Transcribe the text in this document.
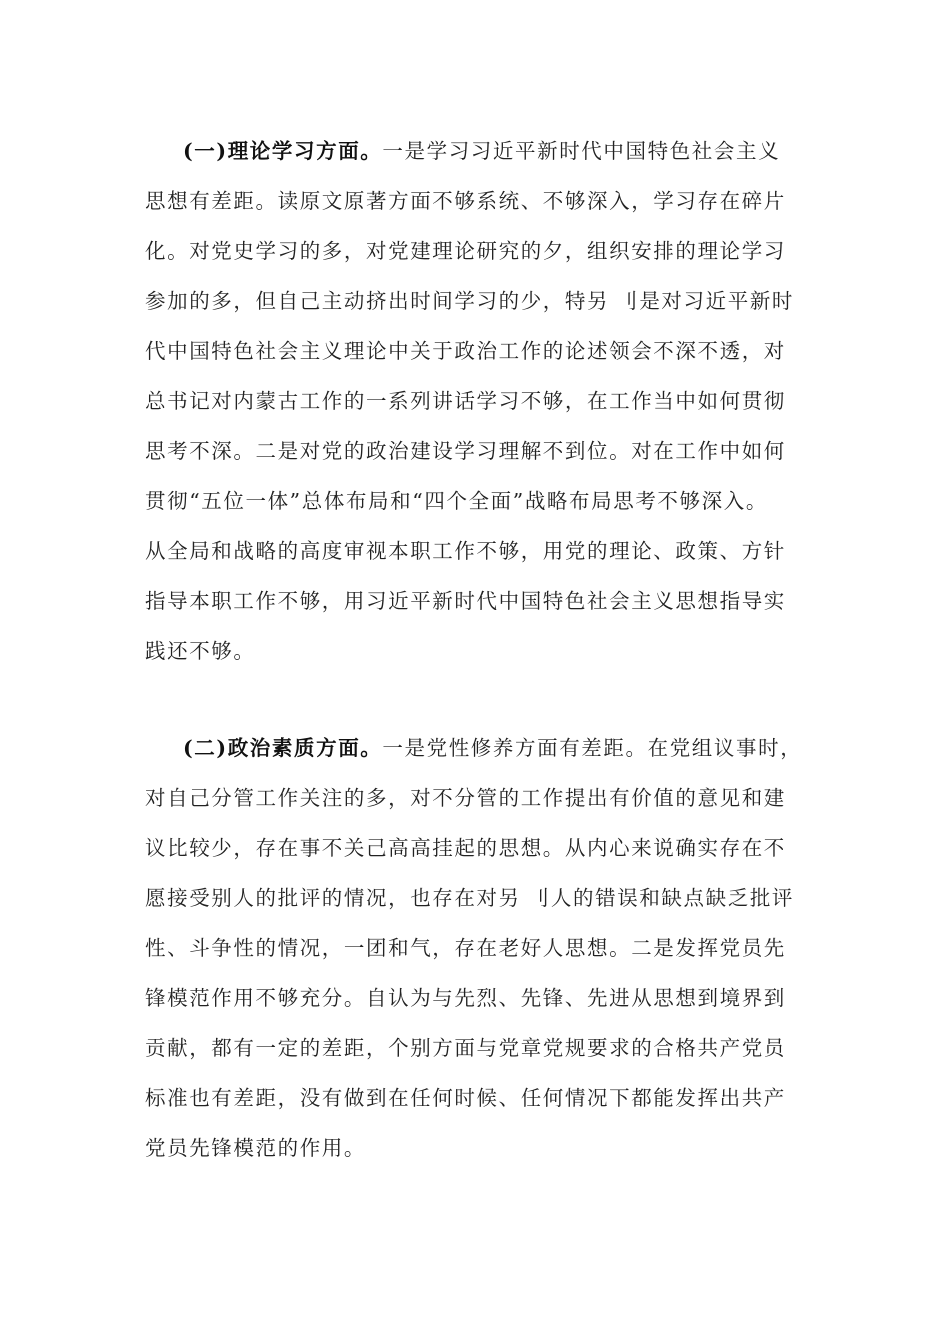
(一)理论学习方面。一是学习习近平新时代中国特色社会主义
思想有差距。读原文原著方面不够系统、不够深入，学习存在碎片
化。对党史学习的多，对党建理论研究的夕，组织安排的理论学习
参加的多，但自己主动挤出时间学习的少，特另 刂是对习近平新时
代中国特色社会主义理论中关于政治工作的论述领会不深不透，对
总书记对内蒙古工作的一系列讲话学习不够，在工作当中如何贯彻
思考不深。二是对党的政治建设学习理解不到位。对在工作中如何
贯彻“五位一体”总体布局和“四个全面”战略布局思考不够深入。
从全局和战略的高度审视本职工作不够，用党的理论、政策、方针
指导本职工作不够，用习近平新时代中国特色社会主义思想指导实
践还不够。
(二)政治素质方面。一是党性修养方面有差距。在党组议事时，
对自己分管工作关注的多，对不分管的工作提出有价值的意见和建
议比较少，存在事不关己高高挂起的思想。从内心来说确实存在不
愿接受别人的批评的情况，也存在对另 刂人的错误和缺点缺乏批评
性、斗争性的情况，一团和气，存在老好人思想。二是发挥党员先
锋模范作用不够充分。自认为与先烈、先锋、先进从思想到境界到
贡献，都有一定的差距，个别方面与党章党规要求的合格共产党员
标准也有差距，没有做到在任何时候、任何情况下都能发挥出共产
党员先锋模范的作用。
